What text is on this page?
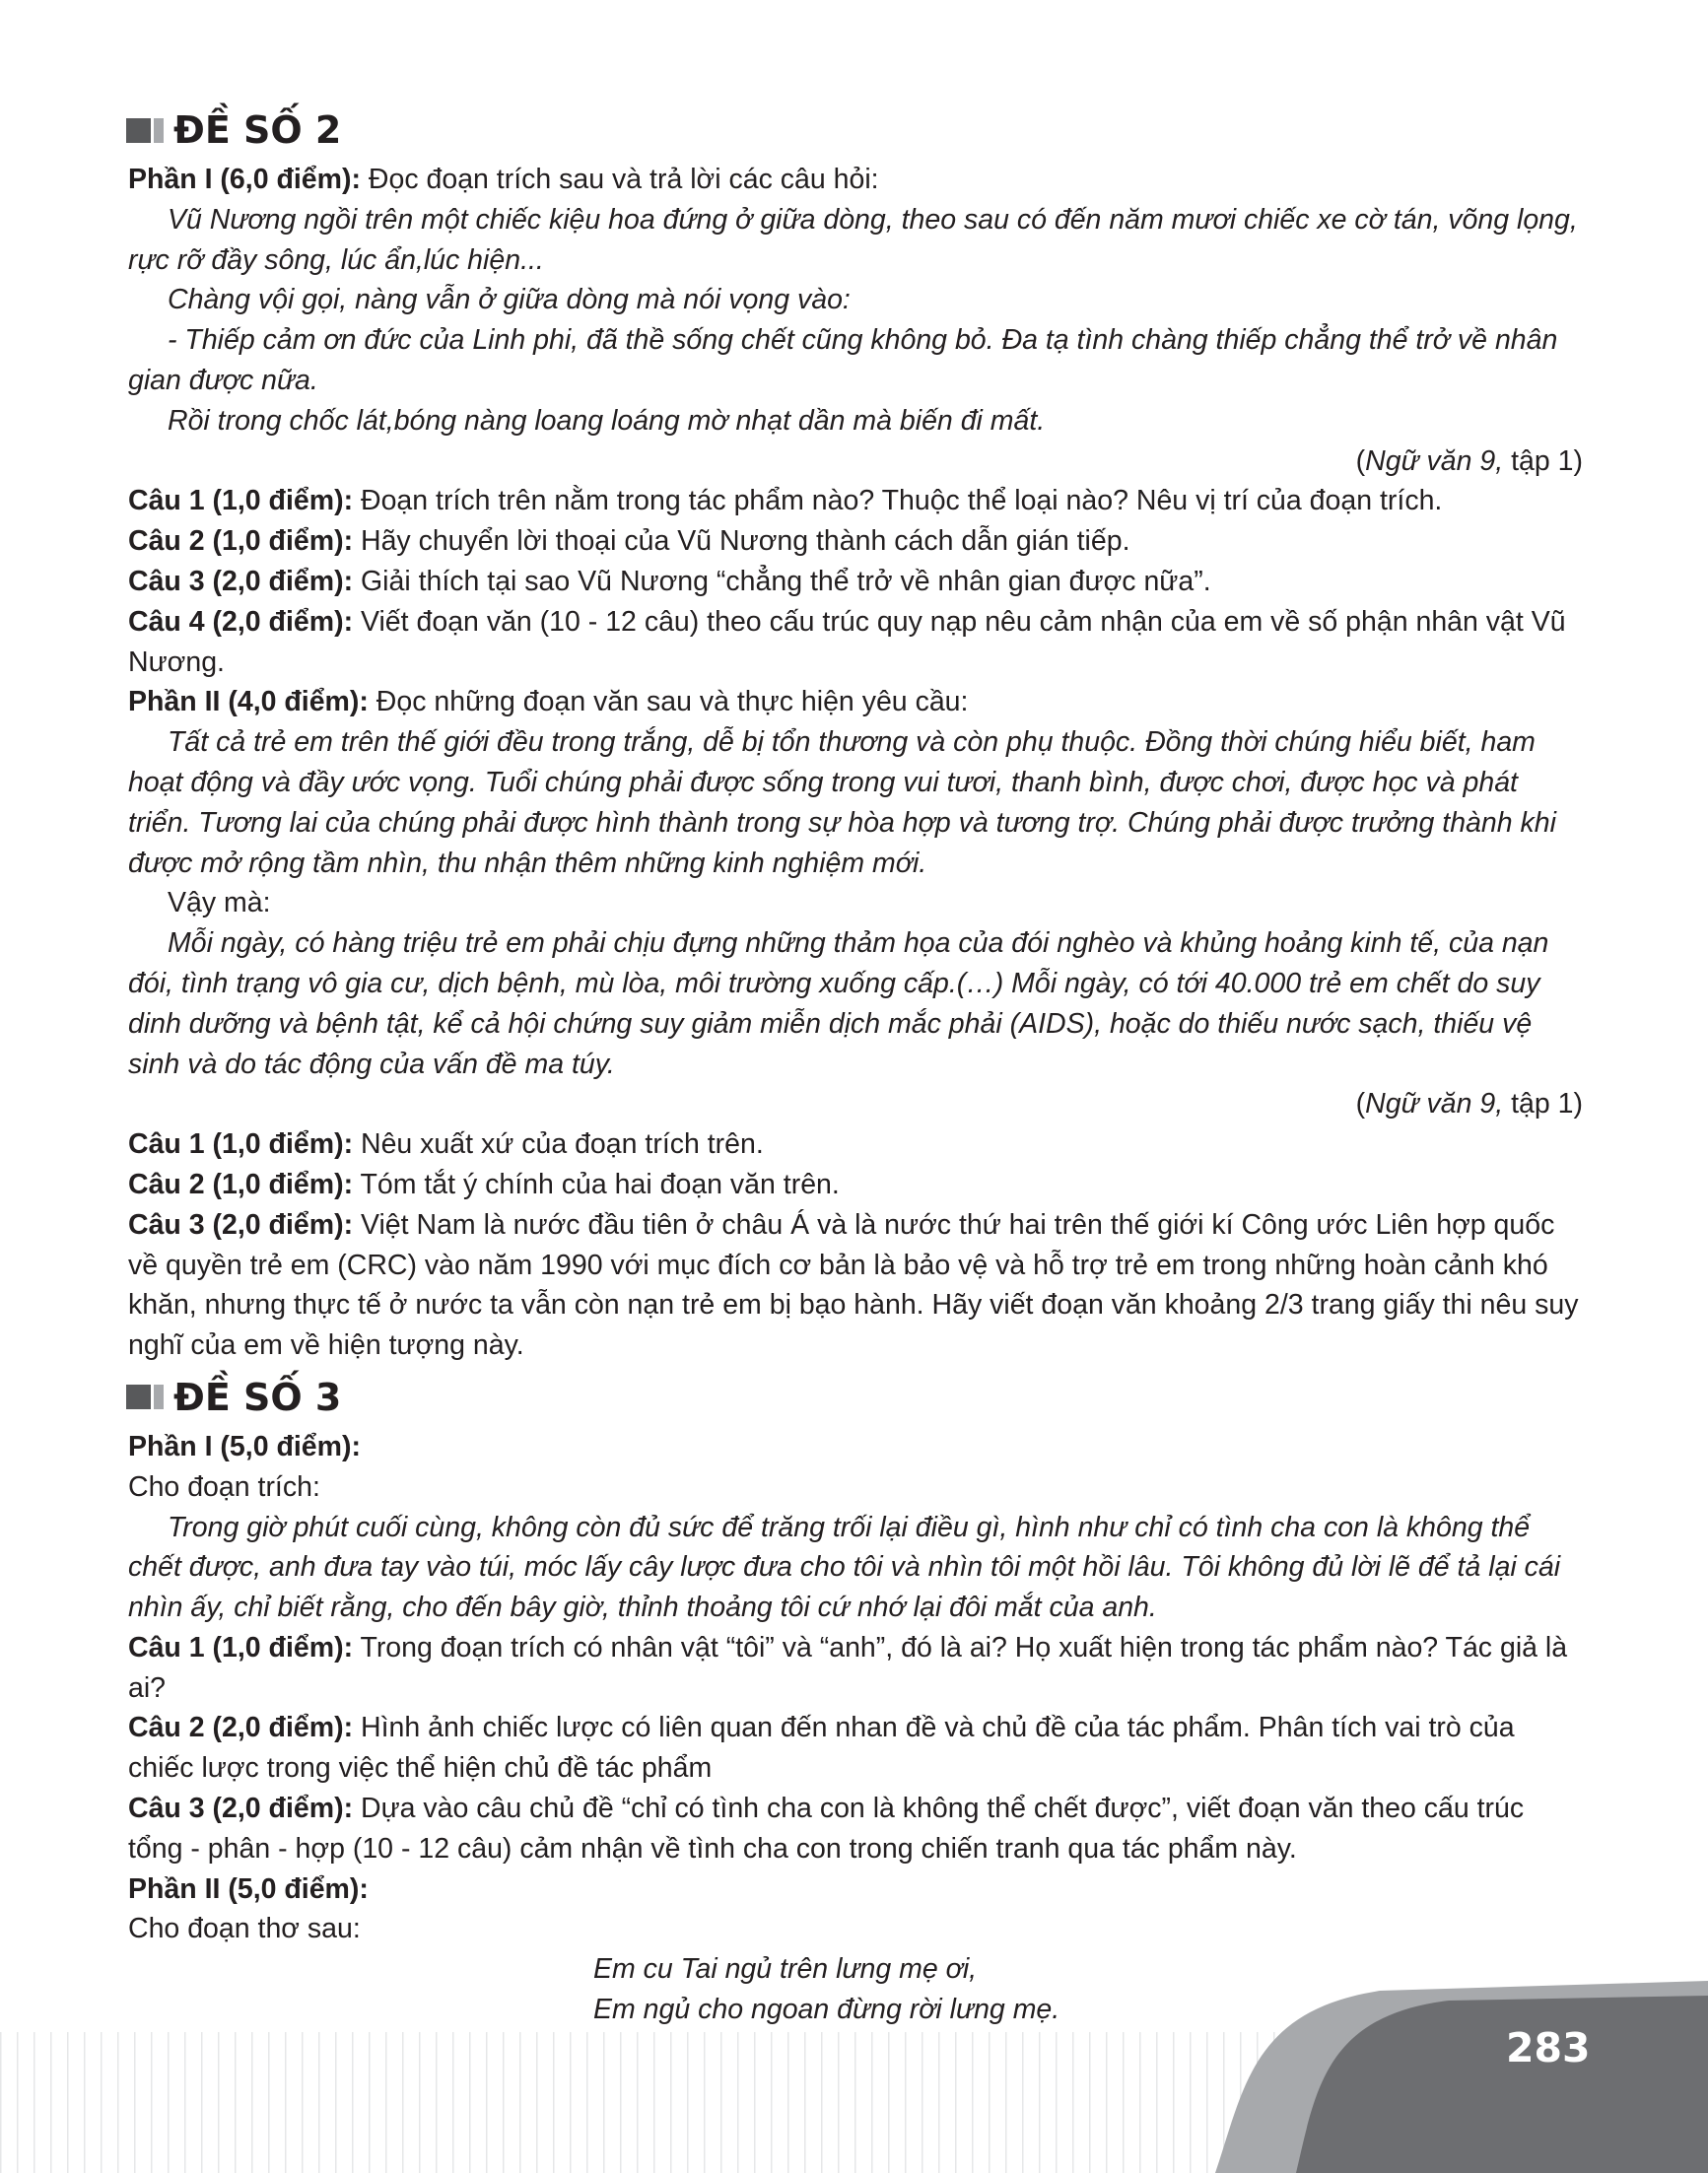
ĐỀ SỐ 2

Phần I (6,0 điểm): Đọc đoạn trích sau và trả lời các câu hỏi:

Vũ Nương ngồi trên một chiếc kiệu hoa đứng ở giữa dòng, theo sau có đến năm mươi chiếc xe cờ tán, võng lọng, rực rỡ đầy sông, lúc ẩn,lúc hiện...

Chàng vội gọi, nàng vẫn ở giữa dòng mà nói vọng vào:

- Thiếp cảm ơn đức của Linh phi, đã thề sống chết cũng không bỏ. Đa tạ tình chàng thiếp chẳng thể trở về nhân gian được nữa.

Rồi trong chốc lát,bóng nàng loang loáng mờ nhạt dần mà biến đi mất.

(Ngữ văn 9, tập 1)

Câu 1 (1,0 điểm): Đoạn trích trên nằm trong tác phẩm nào? Thuộc thể loại nào? Nêu vị trí của đoạn trích.

Câu 2 (1,0 điểm): Hãy chuyển lời thoại của Vũ Nương thành cách dẫn gián tiếp.

Câu 3 (2,0 điểm): Giải thích tại sao Vũ Nương “chẳng thể trở về nhân gian được nữa”.

Câu 4 (2,0 điểm): Viết đoạn văn (10 - 12 câu) theo cấu trúc quy nạp nêu cảm nhận của em về số phận nhân vật Vũ Nương.

Phần II (4,0 điểm): Đọc những đoạn văn sau và thực hiện yêu cầu:

Tất cả trẻ em trên thế giới đều trong trắng, dễ bị tổn thương và còn phụ thuộc. Đồng thời chúng hiểu biết, ham hoạt động và đầy ước vọng. Tuổi chúng phải được sống trong vui tươi, thanh bình, được chơi, được học và phát triển. Tương lai của chúng phải được hình thành trong sự hòa hợp và tương trợ. Chúng phải được trưởng thành khi được mở rộng tầm nhìn, thu nhận thêm những kinh nghiệm mới.

Vậy mà:

Mỗi ngày, có hàng triệu trẻ em phải chịu đựng những thảm họa của đói nghèo và khủng hoảng kinh tế, của nạn đói, tình trạng vô gia cư, dịch bệnh, mù lòa, môi trường xuống cấp.(…) Mỗi ngày, có tới 40.000 trẻ em chết do suy dinh dưỡng và bệnh tật, kể cả hội chứng suy giảm miễn dịch mắc phải (AIDS), hoặc do thiếu nước sạch, thiếu vệ sinh và do tác động của vấn đề ma túy.

(Ngữ văn 9, tập 1)

Câu 1 (1,0 điểm): Nêu xuất xứ của đoạn trích trên.

Câu 2 (1,0 điểm): Tóm tắt ý chính của hai đoạn văn trên.

Câu 3 (2,0 điểm): Việt Nam là nước đầu tiên ở châu Á và là nước thứ hai trên thế giới kí Công ước Liên hợp quốc về quyền trẻ em (CRC) vào năm 1990 với mục đích cơ bản là bảo vệ và hỗ trợ trẻ em trong những hoàn cảnh khó khăn, nhưng thực tế ở nước ta vẫn còn nạn trẻ em bị bạo hành. Hãy viết đoạn văn khoảng 2/3 trang giấy thi nêu suy nghĩ của em về hiện tượng này.

ĐỀ SỐ 3

Phần I (5,0 điểm):

Cho đoạn trích:

Trong giờ phút cuối cùng, không còn đủ sức để trăng trối lại điều gì, hình như chỉ có tình cha con là không thể chết được, anh đưa tay vào túi, móc lấy cây lược đưa cho tôi và nhìn tôi một hồi lâu. Tôi không đủ lời lẽ để tả lại cái nhìn ấy, chỉ biết rằng, cho đến bây giờ, thỉnh thoảng tôi cứ nhớ lại đôi mắt của anh.

Câu 1 (1,0 điểm): Trong đoạn trích có nhân vật “tôi” và “anh”, đó là ai? Họ xuất hiện trong tác phẩm nào? Tác giả là ai?

Câu 2 (2,0 điểm): Hình ảnh chiếc lược có liên quan đến nhan đề và chủ đề của tác phẩm. Phân tích vai trò của chiếc lược trong việc thể hiện chủ đề tác phẩm

Câu 3 (2,0 điểm): Dựa vào câu chủ đề “chỉ có tình cha con là không thể chết được”, viết đoạn văn theo cấu trúc tổng - phân - hợp (10 - 12 câu) cảm nhận về tình cha con trong chiến tranh qua tác phẩm này.

Phần II (5,0 điểm):

Cho đoạn thơ sau:

Em cu Tai ngủ trên lưng mẹ ơi,
Em ngủ cho ngoan đừng rời lưng mẹ.
283
